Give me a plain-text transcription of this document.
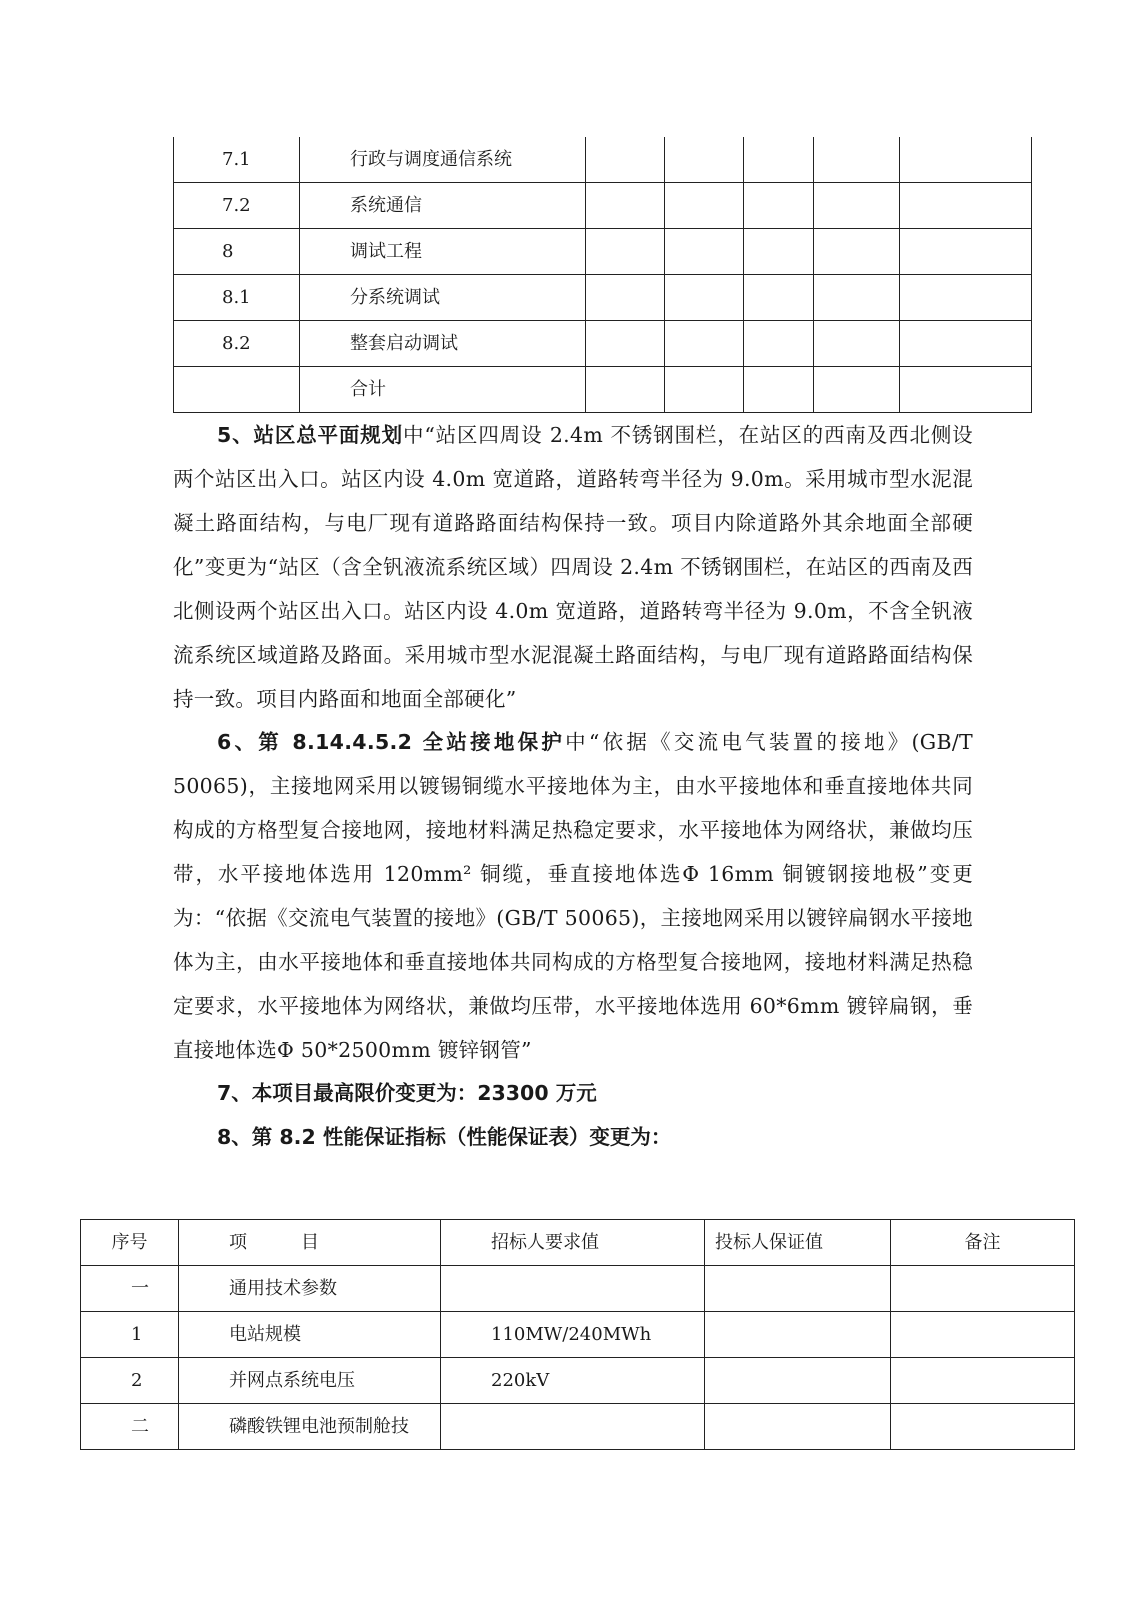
7.1	行政与调度通信系统					
7.2	系统通信					
8	调试工程					
8.1	分系统调试					
8.2	整套启动调试					
	合计					

5、站区总平面规划中“站区四周设 2.4m 不锈钢围栏，在站区的西南及西北侧设两个站区出入口。站区内设 4.0m 宽道路，道路转弯半径为 9.0m。采用城市型水泥混凝土路面结构，与电厂现有道路路面结构保持一致。项目内除道路外其余地面全部硬化”变更为“站区（含全钒液流系统区域）四周设 2.4m 不锈钢围栏，在站区的西南及西北侧设两个站区出入口。站区内设 4.0m 宽道路，道路转弯半径为 9.0m，不含全钒液流系统区域道路及路面。采用城市型水泥混凝土路面结构，与电厂现有道路路面结构保持一致。项目内路面和地面全部硬化”

6、第 8.14.4.5.2 全站接地保护中“依据《交流电气装置的接地》(GB/T 50065)，主接地网采用以镀锡铜缆水平接地体为主，由水平接地体和垂直接地体共同构成的方格型复合接地网，接地材料满足热稳定要求，水平接地体为网络状，兼做均压带，水平接地体选用 120mm² 铜缆，垂直接地体选Φ 16mm 铜镀钢接地极”变更为：“依据《交流电气装置的接地》(GB/T 50065)，主接地网采用以镀锌扁钢水平接地体为主，由水平接地体和垂直接地体共同构成的方格型复合接地网，接地材料满足热稳定要求，水平接地体为网络状，兼做均压带，水平接地体选用 60*6mm 镀锌扁钢，垂直接地体选Φ 50*2500mm 镀锌钢管”

7、本项目最高限价变更为：23300 万元
8、第 8.2 性能保证指标（性能保证表）变更为：
序号	项　　　目	招标人要求值	投标人保证值	备注
一	通用技术参数			
1	电站规模	110MW/240MWh		
2	并网点系统电压	220kV		
二	磷酸铁锂电池预制舱技			
